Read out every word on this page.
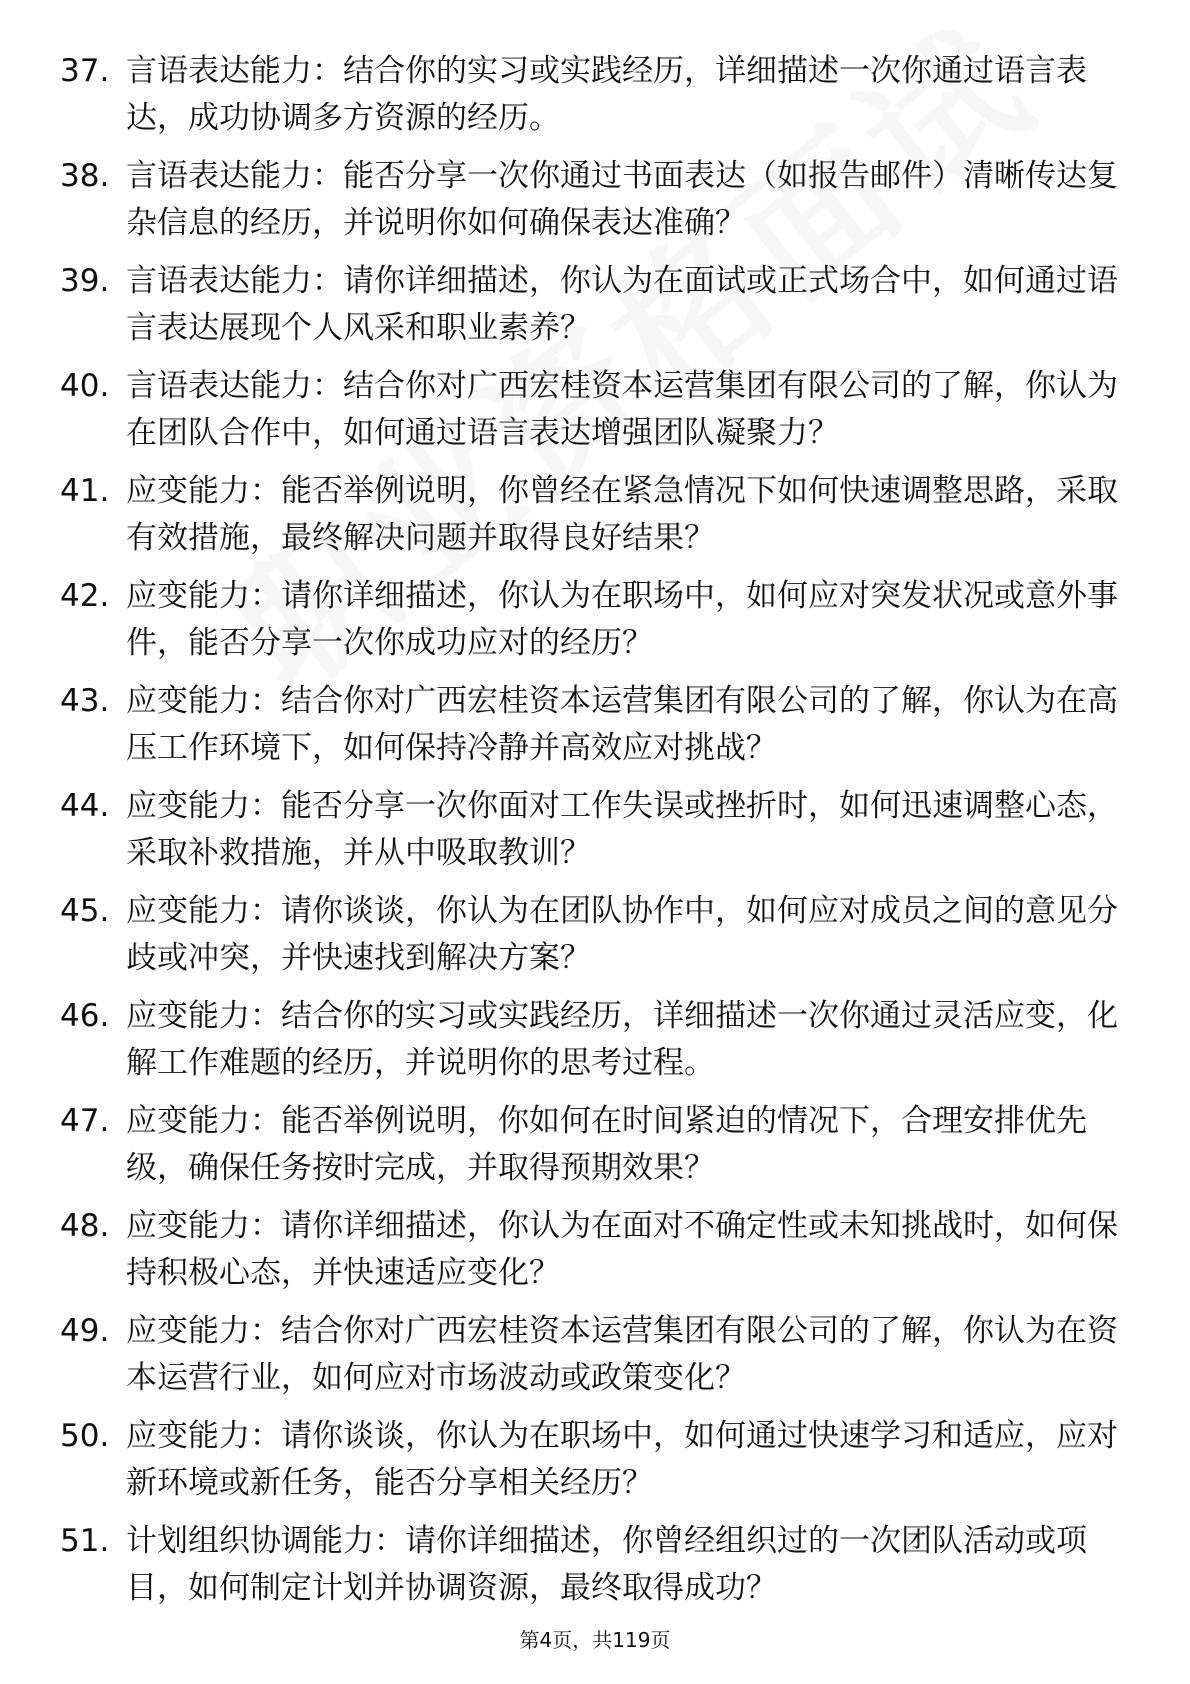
37. 言语表达能力：结合你的实习或实践经历，详细描述一次你通过语言表达，成功协调多方资源的经历。
38. 言语表达能力：能否分享一次你通过书面表达（如报告邮件）清晰传达复杂信息的经历，并说明你如何确保表达准确？
39. 言语表达能力：请你详细描述，你认为在面试或正式场合中，如何通过语言表达展现个人风采和职业素养？
40. 言语表达能力：结合你对广西宏桂资本运营集团有限公司的了解，你认为在团队合作中，如何通过语言表达增强团队凝聚力？
41. 应变能力：能否举例说明，你曾经在紧急情况下如何快速调整思路，采取有效措施，最终解决问题并取得良好结果？
42. 应变能力：请你详细描述，你认为在职场中，如何应对突发状况或意外事件，能否分享一次你成功应对的经历？
43. 应变能力：结合你对广西宏桂资本运营集团有限公司的了解，你认为在高压工作环境下，如何保持冷静并高效应对挑战？
44. 应变能力：能否分享一次你面对工作失误或挫折时，如何迅速调整心态，采取补救措施，并从中吸取教训？
45. 应变能力：请你谈谈，你认为在团队协作中，如何应对成员之间的意见分歧或冲突，并快速找到解决方案？
46. 应变能力：结合你的实习或实践经历，详细描述一次你通过灵活应变，化解工作难题的经历，并说明你的思考过程。
47. 应变能力：能否举例说明，你如何在时间紧迫的情况下，合理安排优先级，确保任务按时完成，并取得预期效果？
48. 应变能力：请你详细描述，你认为在面对不确定性或未知挑战时，如何保持积极心态，并快速适应变化？
49. 应变能力：结合你对广西宏桂资本运营集团有限公司的了解，你认为在资本运营行业，如何应对市场波动或政策变化？
50. 应变能力：请你谈谈，你认为在职场中，如何通过快速学习和适应，应对新环境或新任务，能否分享相关经历？
51. 计划组织协调能力：请你详细描述，你曾经组织过的一次团队活动或项目，如何制定计划并协调资源，最终取得成功？
第4页，共119页
